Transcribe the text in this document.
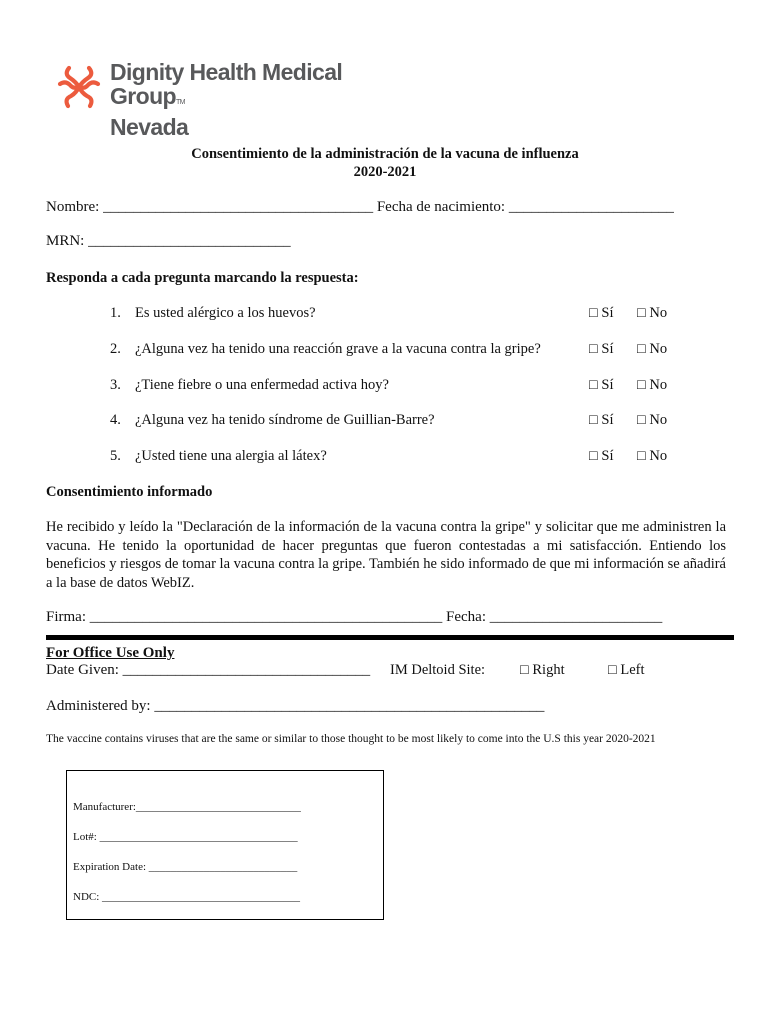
Dignity Health Medical GroupTM
Nevada
Consentimiento de la administración de la vacuna de influenza
2020-2021
Nombre: ____________________________________ Fecha de nacimiento: ______________________
MRN: ___________________________
Responda a cada pregunta marcando la respuesta:
1. Es usted alérgico a los huevos?	□ Sí □ No
2. ¿Alguna vez ha tenido una reacción grave a la vacuna contra la gripe?	□ Sí □ No
3. ¿Tiene fiebre o una enfermedad activa hoy?	□ Sí □ No
4. ¿Alguna vez ha tenido síndrome de Guillian-Barre?	□ Sí □ No
5. ¿Usted tiene una alergia al látex?	□ Sí □ No
Consentimiento informado
He recibido y leído la "Declaración de la información de la vacuna contra la gripe" y solicitar que me administren la vacuna. He tenido la oportunidad de hacer preguntas que fueron contestadas a mi satisfacción. Entiendo los beneficios y riesgos de tomar la vacuna contra la gripe. También he sido informado de que mi información se añadirá a la base de datos WebIZ.
Firma: _______________________________________________ Fecha: _______________________
For Office Use Only
Date Given: _________________________________ IM Deltoid Site: □ Right	□ Left
Administered by: ____________________________________________________
The vaccine contains viruses that are the same or similar to those thought to be most likely to come into the U.S this year 2020-2021
Manufacturer:______________________________
Lot#: ____________________________________
Expiration Date: ___________________________
NDC: ____________________________________
